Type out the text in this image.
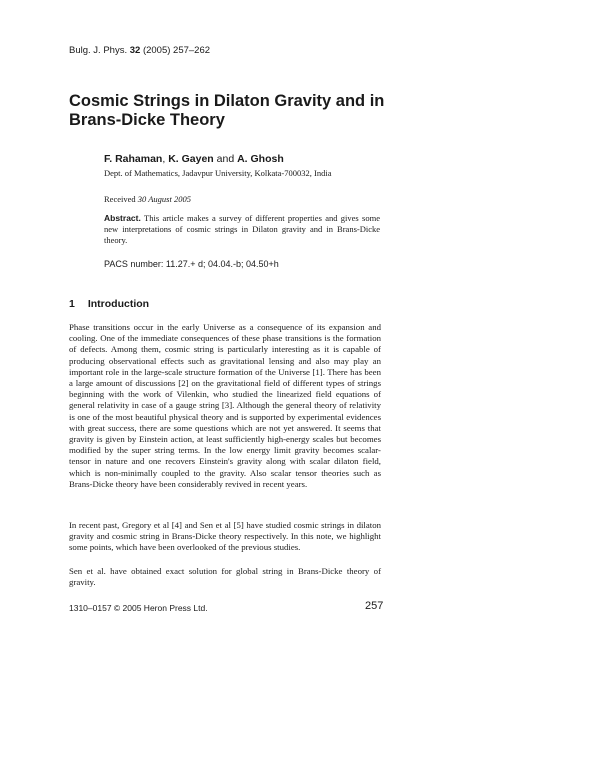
Bulg. J. Phys. 32 (2005) 257–262
Cosmic Strings in Dilaton Gravity and in Brans-Dicke Theory
F. Rahaman, K. Gayen and A. Ghosh
Dept. of Mathematics, Jadavpur University, Kolkata-700032, India
Received 30 August 2005
Abstract. This article makes a survey of different properties and gives some new interpretations of cosmic strings in Dilaton gravity and in Brans-Dicke theory.
PACS number: 11.27.+ d; 04.04.-b; 04.50+h
1 Introduction

Phase transitions occur in the early Universe as a consequence of its expansion and cooling. One of the immediate consequences of these phase transitions is the formation of defects. Among them, cosmic string is particularly interesting as it is capable of producing observational effects such as gravitational lensing and also may play an important role in the large-scale structure formation of the Universe [1]. There has been a large amount of discussions [2] on the gravitational field of different types of strings beginning with the work of Vilenkin, who studied the linearized field equations of general relativity in case of a gauge string [3]. Although the general theory of relativity is one of the most beautiful physical theory and is supported by experimental evidences with great success, there are some questions which are not yet answered. It seems that gravity is given by Einstein action, at least sufficiently high-energy scales but becomes modified by the super string terms. In the low energy limit gravity becomes scalar-tensor in nature and one recovers Einstein's gravity along with scalar dilaton field, which is non-minimally coupled to the gravity. Also scalar tensor theories such as Brans-Dicke theory have been considerably revived in recent years.

In recent past, Gregory et al [4] and Sen et al [5] have studied cosmic strings in dilaton gravity and cosmic string in Brans-Dicke theory respectively. In this note, we highlight some points, which have been overlooked of the previous studies.

Sen et al. have obtained exact solution for global string in Brans-Dicke theory of gravity.

1310–0157 © 2005 Heron Press Ltd.	257
